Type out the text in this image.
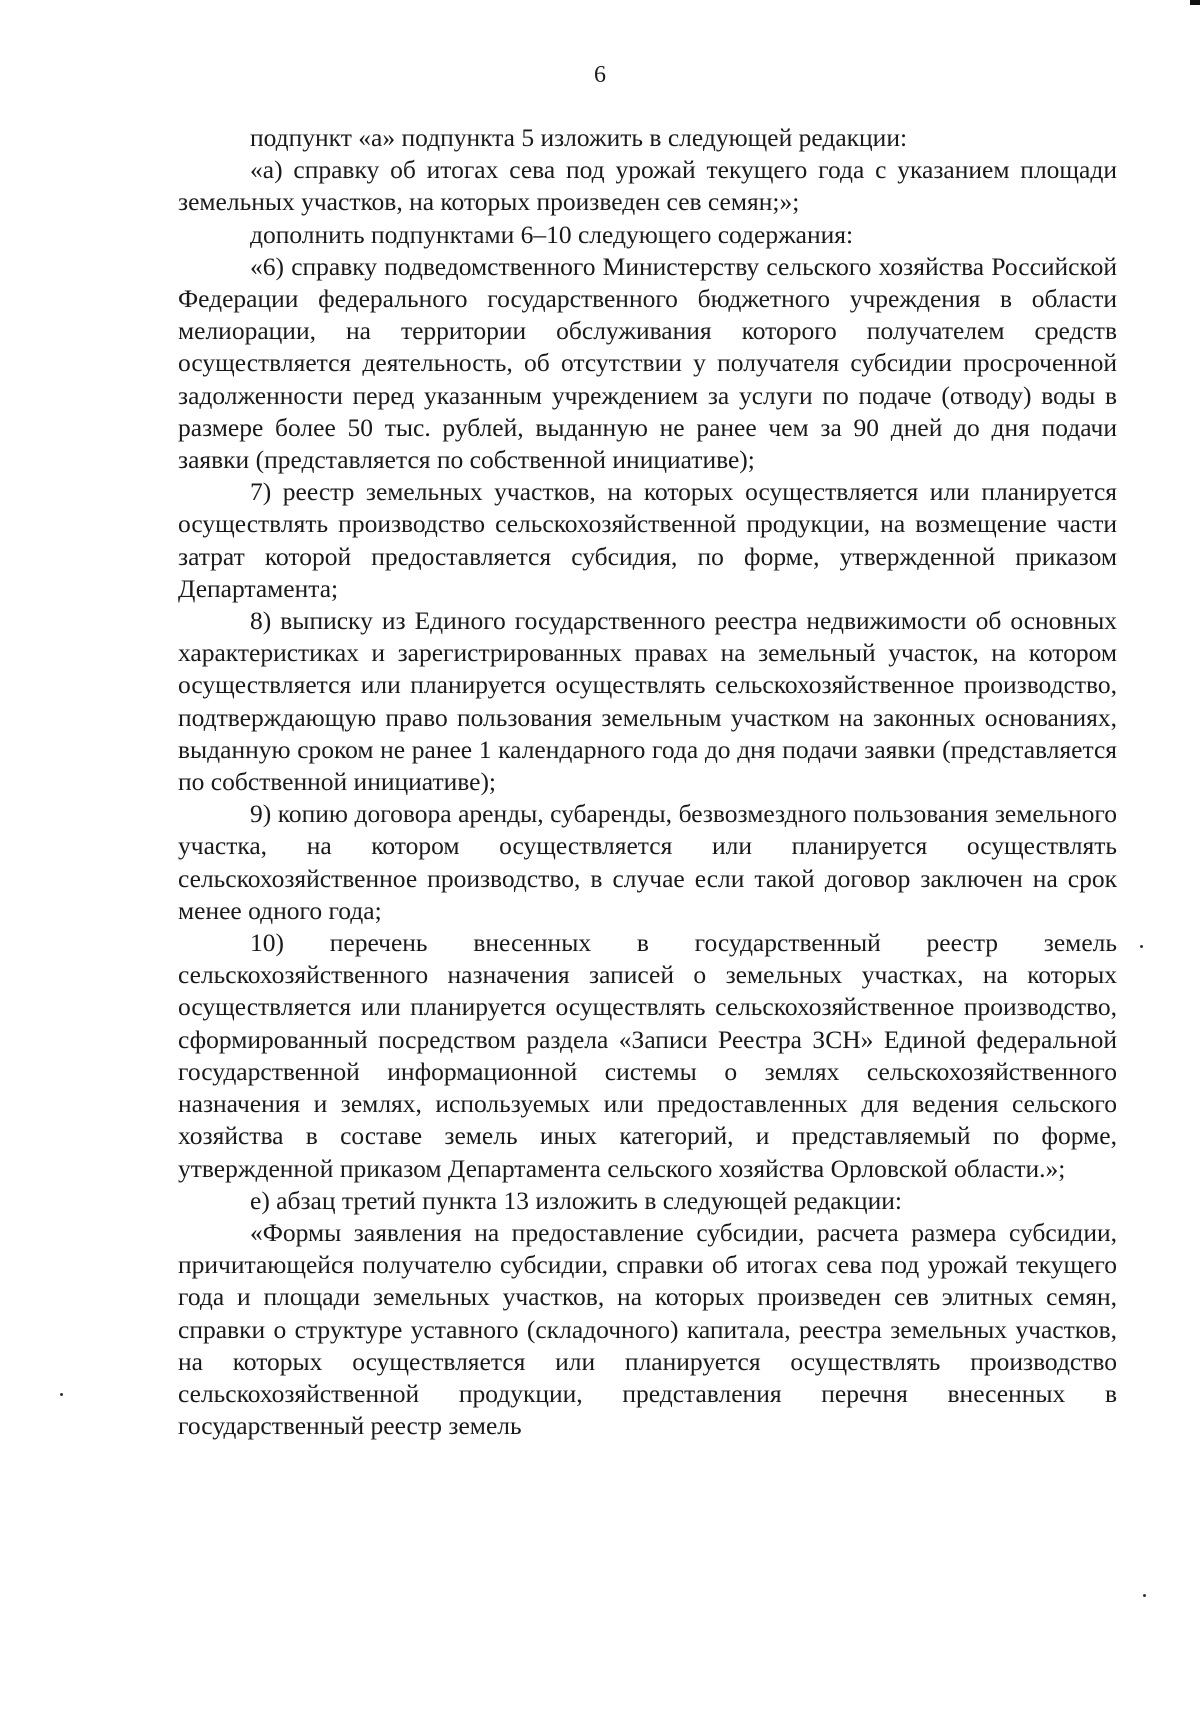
6

подпункт «а» подпункта 5 изложить в следующей редакции:

«а) справку об итогах сева под урожай текущего года с указанием площади земельных участков, на которых произведен сев семян;»;

дополнить подпунктами 6–10 следующего содержания:

«6) справку подведомственного Министерству сельского хозяйства Российской Федерации федерального государственного бюджетного учреждения в области мелиорации, на территории обслуживания которого получателем средств осуществляется деятельность, об отсутствии у получателя субсидии просроченной задолженности перед указанным учреждением за услуги по подаче (отводу) воды в размере более 50 тыс. рублей, выданную не ранее чем за 90 дней до дня подачи заявки (представляется по собственной инициативе);

7) реестр земельных участков, на которых осуществляется или планируется осуществлять производство сельскохозяйственной продукции, на возмещение части затрат которой предоставляется субсидия, по форме, утвержденной приказом Департамента;

8) выписку из Единого государственного реестра недвижимости об основных характеристиках и зарегистрированных правах на земельный участок, на котором осуществляется или планируется осуществлять сельскохозяйственное производство, подтверждающую право пользования земельным участком на законных основаниях, выданную сроком не ранее 1 календарного года до дня подачи заявки (представляется по собственной инициативе);

9) копию договора аренды, субаренды, безвозмездного пользования земельного участка, на котором осуществляется или планируется осуществлять сельскохозяйственное производство, в случае если такой договор заключен на срок менее одного года;

10) перечень внесенных в государственный реестр земель сельскохозяйственного назначения записей о земельных участках, на которых осуществляется или планируется осуществлять сельскохозяйственное производство, сформированный посредством раздела «Записи Реестра ЗСН» Единой федеральной государственной информационной системы о землях сельскохозяйственного назначения и землях, используемых или предоставленных для ведения сельского хозяйства в составе земель иных категорий, и представляемый по форме, утвержденной приказом Департамента сельского хозяйства Орловской области.»;

е) абзац третий пункта 13 изложить в следующей редакции:

«Формы заявления на предоставление субсидии, расчета размера субсидии, причитающейся получателю субсидии, справки об итогах сева под урожай текущего года и площади земельных участков, на которых произведен сев элитных семян, справки о структуре уставного (складочного) капитала, реестра земельных участков, на которых осуществляется или планируется осуществлять производство сельскохозяйственной продукции, представления перечня внесенных в государственный реестр земель
